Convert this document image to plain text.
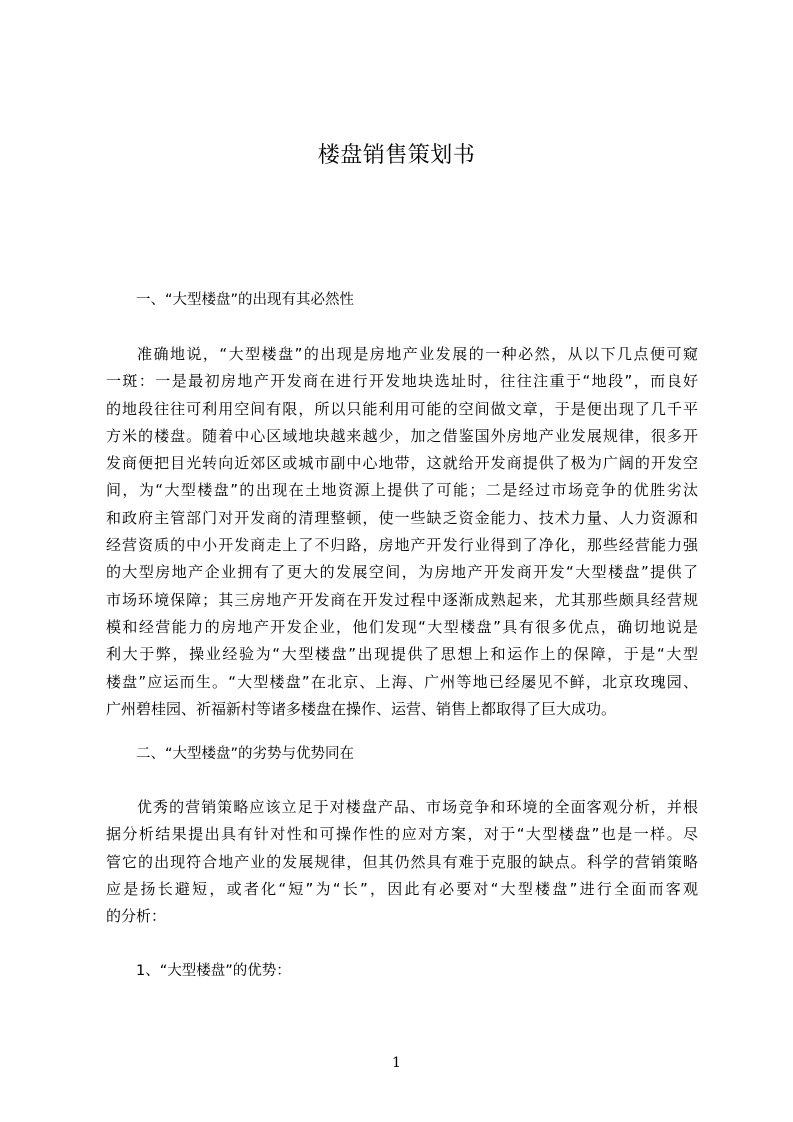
楼盘销售策划书
一、“大型楼盘”的出现有其必然性
准确地说，“大型楼盘”的出现是房地产业发展的一种必然，从以下几点便可窥
一斑：一是最初房地产开发商在进行开发地块选址时，往往注重于“地段”，而良好
的地段往往可利用空间有限，所以只能利用可能的空间做文章，于是便出现了几千平
方米的楼盘。随着中心区域地块越来越少，加之借鉴国外房地产业发展规律，很多开
发商便把目光转向近郊区或城市副中心地带，这就给开发商提供了极为广阔的开发空
间，为“大型楼盘”的出现在土地资源上提供了可能；二是经过市场竞争的优胜劣汰
和政府主管部门对开发商的清理整顿，使一些缺乏资金能力、技术力量、人力资源和
经营资质的中小开发商走上了不归路，房地产开发行业得到了净化，那些经营能力强
的大型房地产企业拥有了更大的发展空间，为房地产开发商开发“大型楼盘”提供了
市场环境保障；其三房地产开发商在开发过程中逐渐成熟起来，尤其那些颇具经营规
模和经营能力的房地产开发企业，他们发现“大型楼盘”具有很多优点，确切地说是
利大于弊，操业经验为“大型楼盘”出现提供了思想上和运作上的保障，于是“大型
楼盘”应运而生。“大型楼盘”在北京、上海、广州等地已经屡见不鲜，北京玫瑰园、
广州碧桂园、祈福新村等诸多楼盘在操作、运营、销售上都取得了巨大成功。
二、“大型楼盘”的劣势与优势同在
优秀的营销策略应该立足于对楼盘产品、市场竞争和环境的全面客观分析，并根
据分析结果提出具有针对性和可操作性的应对方案，对于“大型楼盘”也是一样。尽
管它的出现符合地产业的发展规律，但其仍然具有难于克服的缺点。科学的营销策略
应是扬长避短，或者化“短”为“长”，因此有必要对“大型楼盘”进行全面而客观
的分析：
1、“大型楼盘”的优势：
1
